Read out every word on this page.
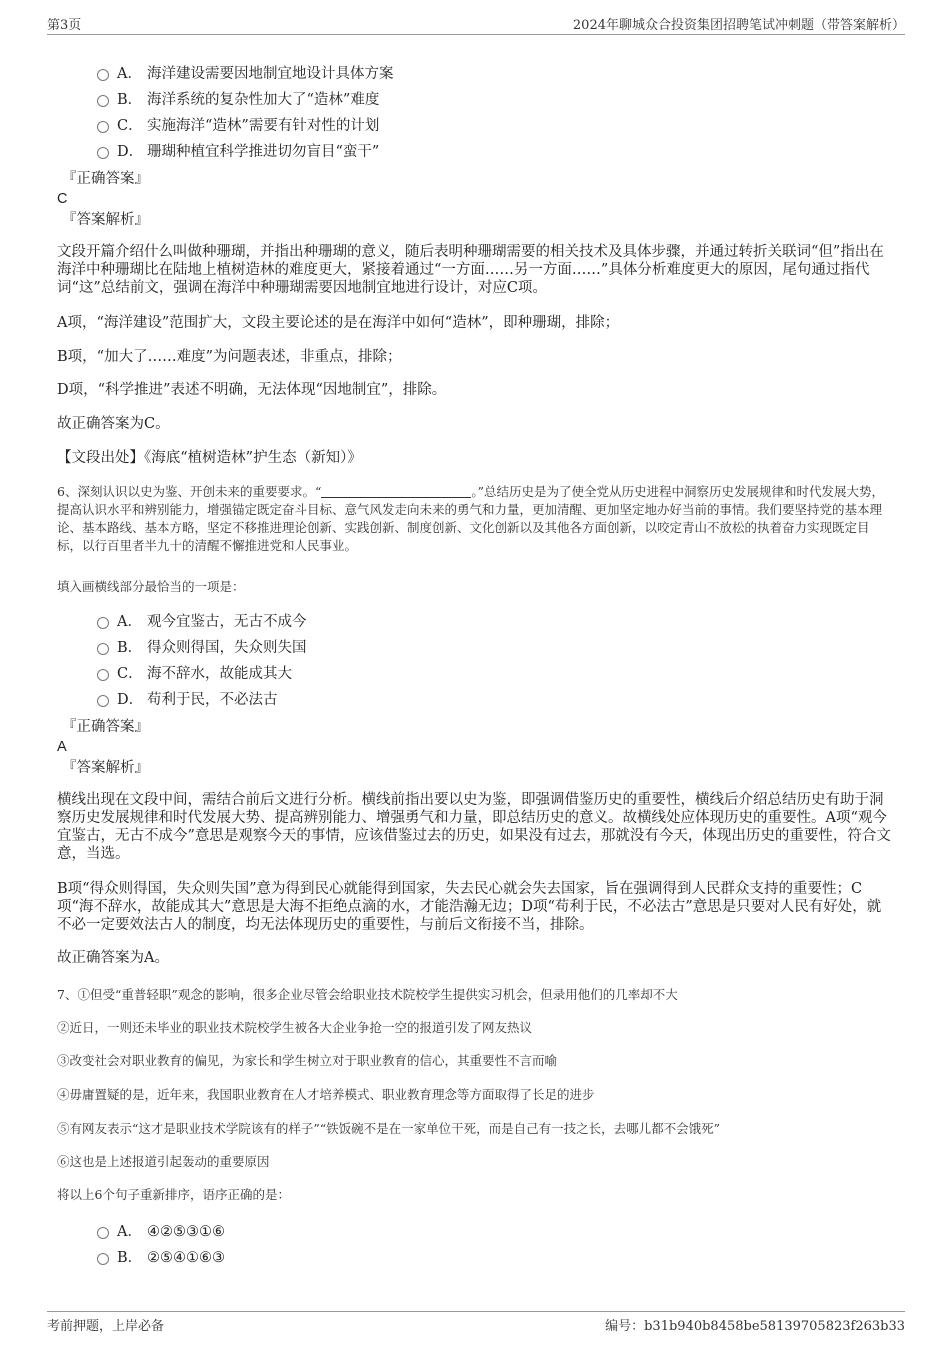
第3页	2024年聊城众合投资集团招聘笔试冲刺题（带答案解析）
A． 海洋建设需要因地制宜地设计具体方案
B． 海洋系统的复杂性加大了“造林”难度
C． 实施海洋“造林”需要有针对性的计划
D． 珊瑚种植宜科学推进切勿盲目“蛮干”
『正确答案』
C
『答案解析』
文段开篇介绍什么叫做种珊瑚，并指出种珊瑚的意义，随后表明种珊瑚需要的相关技术及具体步骤，并通过转折关联词“但”指出在海洋中种珊瑚比在陆地上植树造林的难度更大，紧接着通过“一方面……另一方面……”具体分析难度更大的原因，尾句通过指代词“这”总结前文，强调在海洋中种珊瑚需要因地制宜地进行设计，对应C项。
A项，“海洋建设”范围扩大，文段主要论述的是在海洋中如何“造林”，即种珊瑚，排除；
B项，“加大了……难度”为问题表述，非重点，排除；
D项，“科学推进”表述不明确，无法体现“因地制宜”，排除。
故正确答案为C。
【文段出处】《海底“植树造林”护生态（新知）》
6、深刻认识以史为鉴、开创未来的重要要求。“	。”总结历史是为了使全党从历史进程中洞察历史发展规律和时代发展大势，提高认识水平和辨别能力，增强锚定既定奋斗目标、意气风发走向未来的勇气和力量，更加清醒、更加坚定地办好当前的事情。我们要坚持党的基本理论、基本路线、基本方略，坚定不移推进理论创新、实践创新、制度创新、文化创新以及其他各方面创新，以咬定青山不放松的执着奋力实现既定目标，以行百里者半九十的清醒不懈推进党和人民事业。
填入画横线部分最恰当的一项是：
A． 观今宜鉴古，无古不成今
B． 得众则得国，失众则失国
C． 海不辞水，故能成其大
D． 苟利于民，不必法古
『正确答案』
A
『答案解析』
横线出现在文段中间，需结合前后文进行分析。横线前指出要以史为鉴，即强调借鉴历史的重要性，横线后介绍总结历史有助于洞察历史发展规律和时代发展大势、提高辨别能力、增强勇气和力量，即总结历史的意义。故横线处应体现历史的重要性。A项“观今宜鉴古，无古不成今”意思是观察今天的事情，应该借鉴过去的历史，如果没有过去，那就没有今天，体现出历史的重要性，符合文意，当选。
B项“得众则得国，失众则失国”意为得到民心就能得到国家，失去民心就会失去国家，旨在强调得到人民群众支持的重要性；C项“海不辞水，故能成其大”意思是大海不拒绝点滴的水，才能浩瀚无边；D项“苟利于民，不必法古”意思是只要对人民有好处，就不必一定要效法古人的制度，均无法体现历史的重要性，与前后文衔接不当，排除。
故正确答案为A。
7、①但受“重普轻职”观念的影响，很多企业尽管会给职业技术院校学生提供实习机会，但录用他们的几率却不大
②近日，一则还未毕业的职业技术院校学生被各大企业争抢一空的报道引发了网友热议
③改变社会对职业教育的偏见，为家长和学生树立对于职业教育的信心，其重要性不言而喻
④毋庸置疑的是，近年来，我国职业教育在人才培养模式、职业教育理念等方面取得了长足的进步
⑤有网友表示“这才是职业技术学院该有的样子”“铁饭碗不是在一家单位干死，而是自己有一技之长，去哪儿都不会饿死”
⑥这也是上述报道引起轰动的重要原因
将以上6个句子重新排序，语序正确的是：
A． ④②⑤③①⑥
B． ②⑤④①⑥③
考前押题，上岸必备	编号：b31b940b8458be58139705823f263b33
